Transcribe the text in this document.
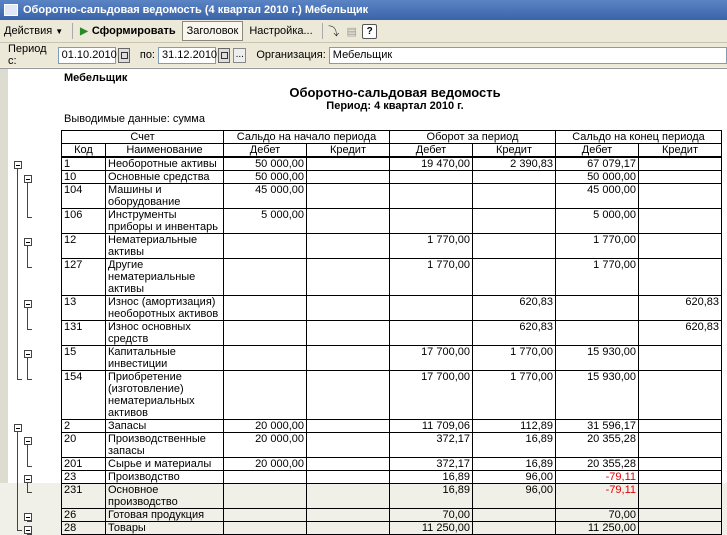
Оборотно-сальдовая ведомость (4 квартал 2010 г.) Мебельщик
Действия ▼ ▶ Сформировать Заголовок Настройка... ⤵ ▤ ?
Период с:
01.10.2010 по: 31.12.2010 ... Организация: Мебельщик
Мебельщик
Оборотно-сальдовая ведомость
Период: 4 квартал 2010 г.
Выводимые данные: сумма
Счет		Сальдо на начало периода		Оборот за период		Сальдо на конец периода	
Код	Наименование	Дебет	Кредит	Дебет	Кредит	Дебет	Кредит
1	Необоротные активы	50 000,00		19 470,00	2 390,83	67 079,17	
10	Основные средства	50 000,00				50 000,00	
104	Машины и оборудование	45 000,00				45 000,00	
106	Инструменты приборы и инвентарь	5 000,00				5 000,00	
12	Нематериальные активы			1 770,00		1 770,00	
127	Другие нематериальные активы			1 770,00		1 770,00	
13	Износ (амортизация) необоротных активов				620,83		620,83
131	Износ основных средств				620,83		620,83
15	Капитальные инвестиции			17 700,00	1 770,00	15 930,00	
154	Приобретение (изготовление) нематериальных активов			17 700,00	1 770,00	15 930,00	
2	Запасы	20 000,00		11 709,06	112,89	31 596,17	
20	Производственные запасы	20 000,00		372,17	16,89	20 355,28	
201	Сырье и материалы	20 000,00		372,17	16,89	20 355,28	
23	Производство			16,89	96,00	-79,11	
231	Основное производство			16,89	96,00	-79,11	
26	Готовая продукция			70,00		70,00	
28	Товары			11 250,00		11 250,00	
